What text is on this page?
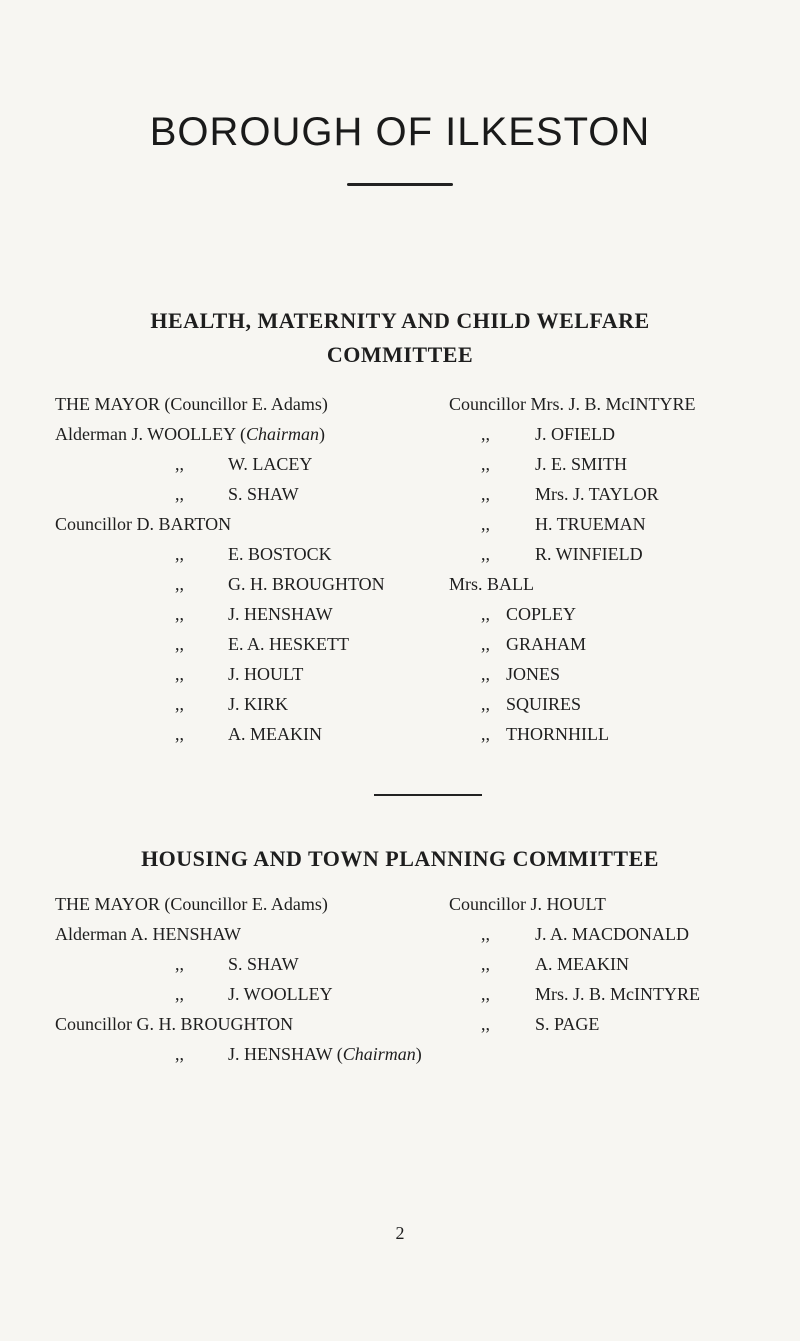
BOROUGH OF ILKESTON
HEALTH, MATERNITY AND CHILD WELFARE
COMMITTEE
THE MAYOR (Councillor E. Adams)
Alderman J. WOOLLEY (Chairman)
,, W. LACEY
,, S. SHAW
Councillor D. BARTON
,, E. BOSTOCK
,, G. H. BROUGHTON
,, J. HENSHAW
,, E. A. HESKETT
,, J. HOULT
,, J. KIRK
,, A. MEAKIN
Councillor Mrs. J. B. McINTYRE
,,	J. OFIELD
,,	J. E. SMITH
,,	Mrs. J. TAYLOR
,,	H. TRUEMAN
,,	R. WINFIELD
Mrs. BALL
,, COPLEY
,, GRAHAM
,, JONES
,, SQUIRES
,, THORNHILL
HOUSING AND TOWN PLANNING COMMITTEE
THE MAYOR (Councillor E. Adams)
Alderman A. HENSHAW
,, S. SHAW
,, J. WOOLLEY
Councillor G. H. BROUGHTON
,, J. HENSHAW (Chairman)
Councillor J. HOULT
,,	J. A. MACDONALD
,,	A. MEAKIN
,,	Mrs. J. B. McINTYRE
,,	S. PAGE
2
